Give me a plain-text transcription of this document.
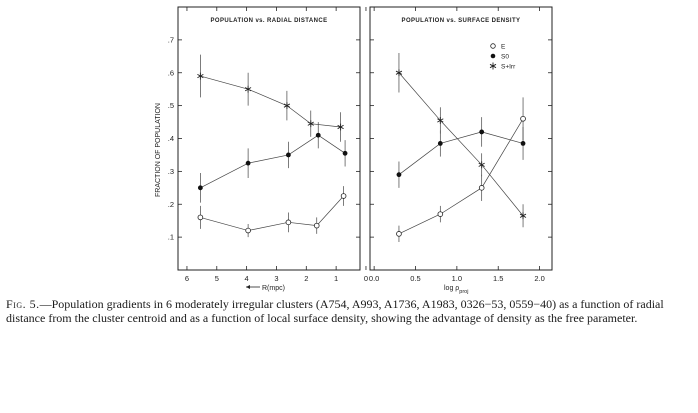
FRACTION OF POPULATION
POPULATION vs. RADIAL DISTANCE
6	5	4	3	2	1	0
.1
.2
.3
.4
.5
.6
.7
R(mpc)
POPULATION vs. SURFACE DENSITY
0.0	0.5	1.0	1.5	2.0
$\log \rho_{proj}$
E
S0
S+Irr

Fig. 5.—Population gradients in 6 moderately irregular clusters (A754, A993, A1736, A1983, 0326−53, 0559−40) as a function of radial distance from the cluster centroid and as a function of local surface density, showing the advantage of density as the free parameter.
